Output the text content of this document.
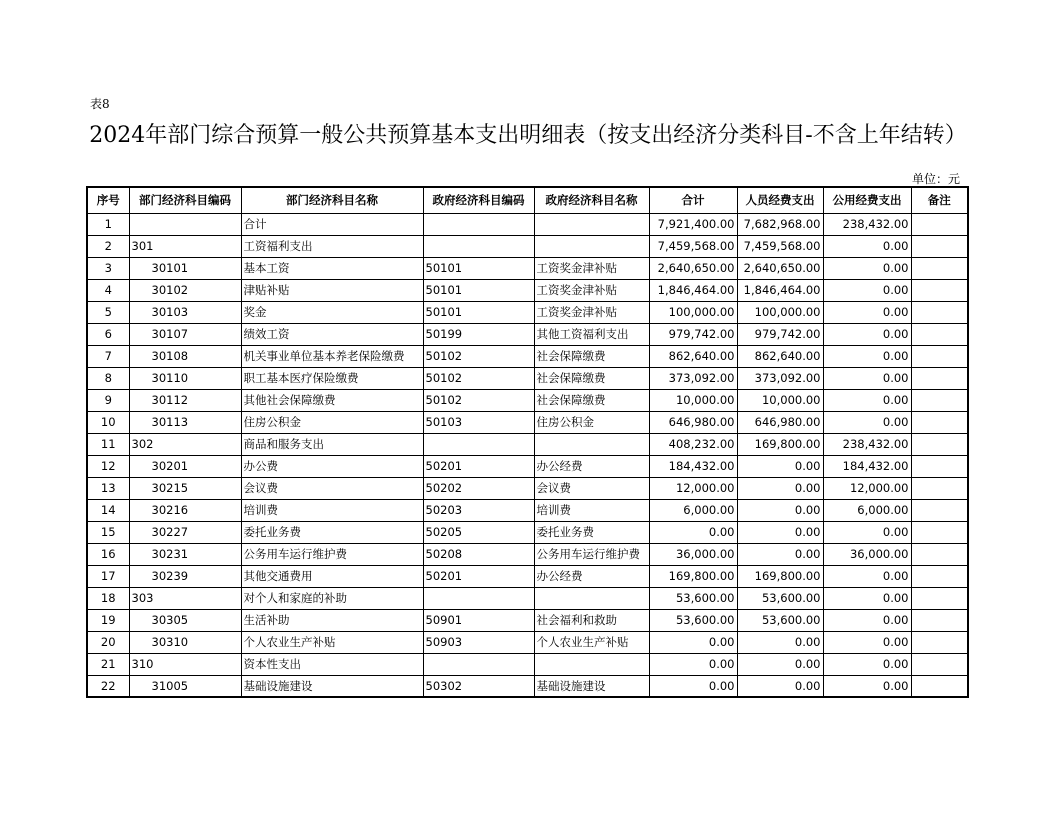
表8
2024年部门综合预算一般公共预算基本支出明细表（按支出经济分类科目-不含上年结转）
单位：元
序号	部门经济科目编码	部门经济科目名称	政府经济科目编码	政府经济科目名称	合计	人员经费支出	公用经费支出	备注
1		合计			7,921,400.00	7,682,968.00	238,432.00	
2	301	工资福利支出			7,459,568.00	7,459,568.00	0.00	
3	30101	基本工资	50101	工资奖金津补贴	2,640,650.00	2,640,650.00	0.00	
4	30102	津贴补贴	50101	工资奖金津补贴	1,846,464.00	1,846,464.00	0.00	
5	30103	奖金	50101	工资奖金津补贴	100,000.00	100,000.00	0.00	
6	30107	绩效工资	50199	其他工资福利支出	979,742.00	979,742.00	0.00	
7	30108	机关事业单位基本养老保险缴费	50102	社会保障缴费	862,640.00	862,640.00	0.00	
8	30110	职工基本医疗保险缴费	50102	社会保障缴费	373,092.00	373,092.00	0.00	
9	30112	其他社会保障缴费	50102	社会保障缴费	10,000.00	10,000.00	0.00	
10	30113	住房公积金	50103	住房公积金	646,980.00	646,980.00	0.00	
11	302	商品和服务支出			408,232.00	169,800.00	238,432.00	
12	30201	办公费	50201	办公经费	184,432.00	0.00	184,432.00	
13	30215	会议费	50202	会议费	12,000.00	0.00	12,000.00	
14	30216	培训费	50203	培训费	6,000.00	0.00	6,000.00	
15	30227	委托业务费	50205	委托业务费	0.00	0.00	0.00	
16	30231	公务用车运行维护费	50208	公务用车运行维护费	36,000.00	0.00	36,000.00	
17	30239	其他交通费用	50201	办公经费	169,800.00	169,800.00	0.00	
18	303	对个人和家庭的补助			53,600.00	53,600.00	0.00	
19	30305	生活补助	50901	社会福利和救助	53,600.00	53,600.00	0.00	
20	30310	个人农业生产补贴	50903	个人农业生产补贴	0.00	0.00	0.00	
21	310	资本性支出			0.00	0.00	0.00	
22	31005	基础设施建设	50302	基础设施建设	0.00	0.00	0.00	
